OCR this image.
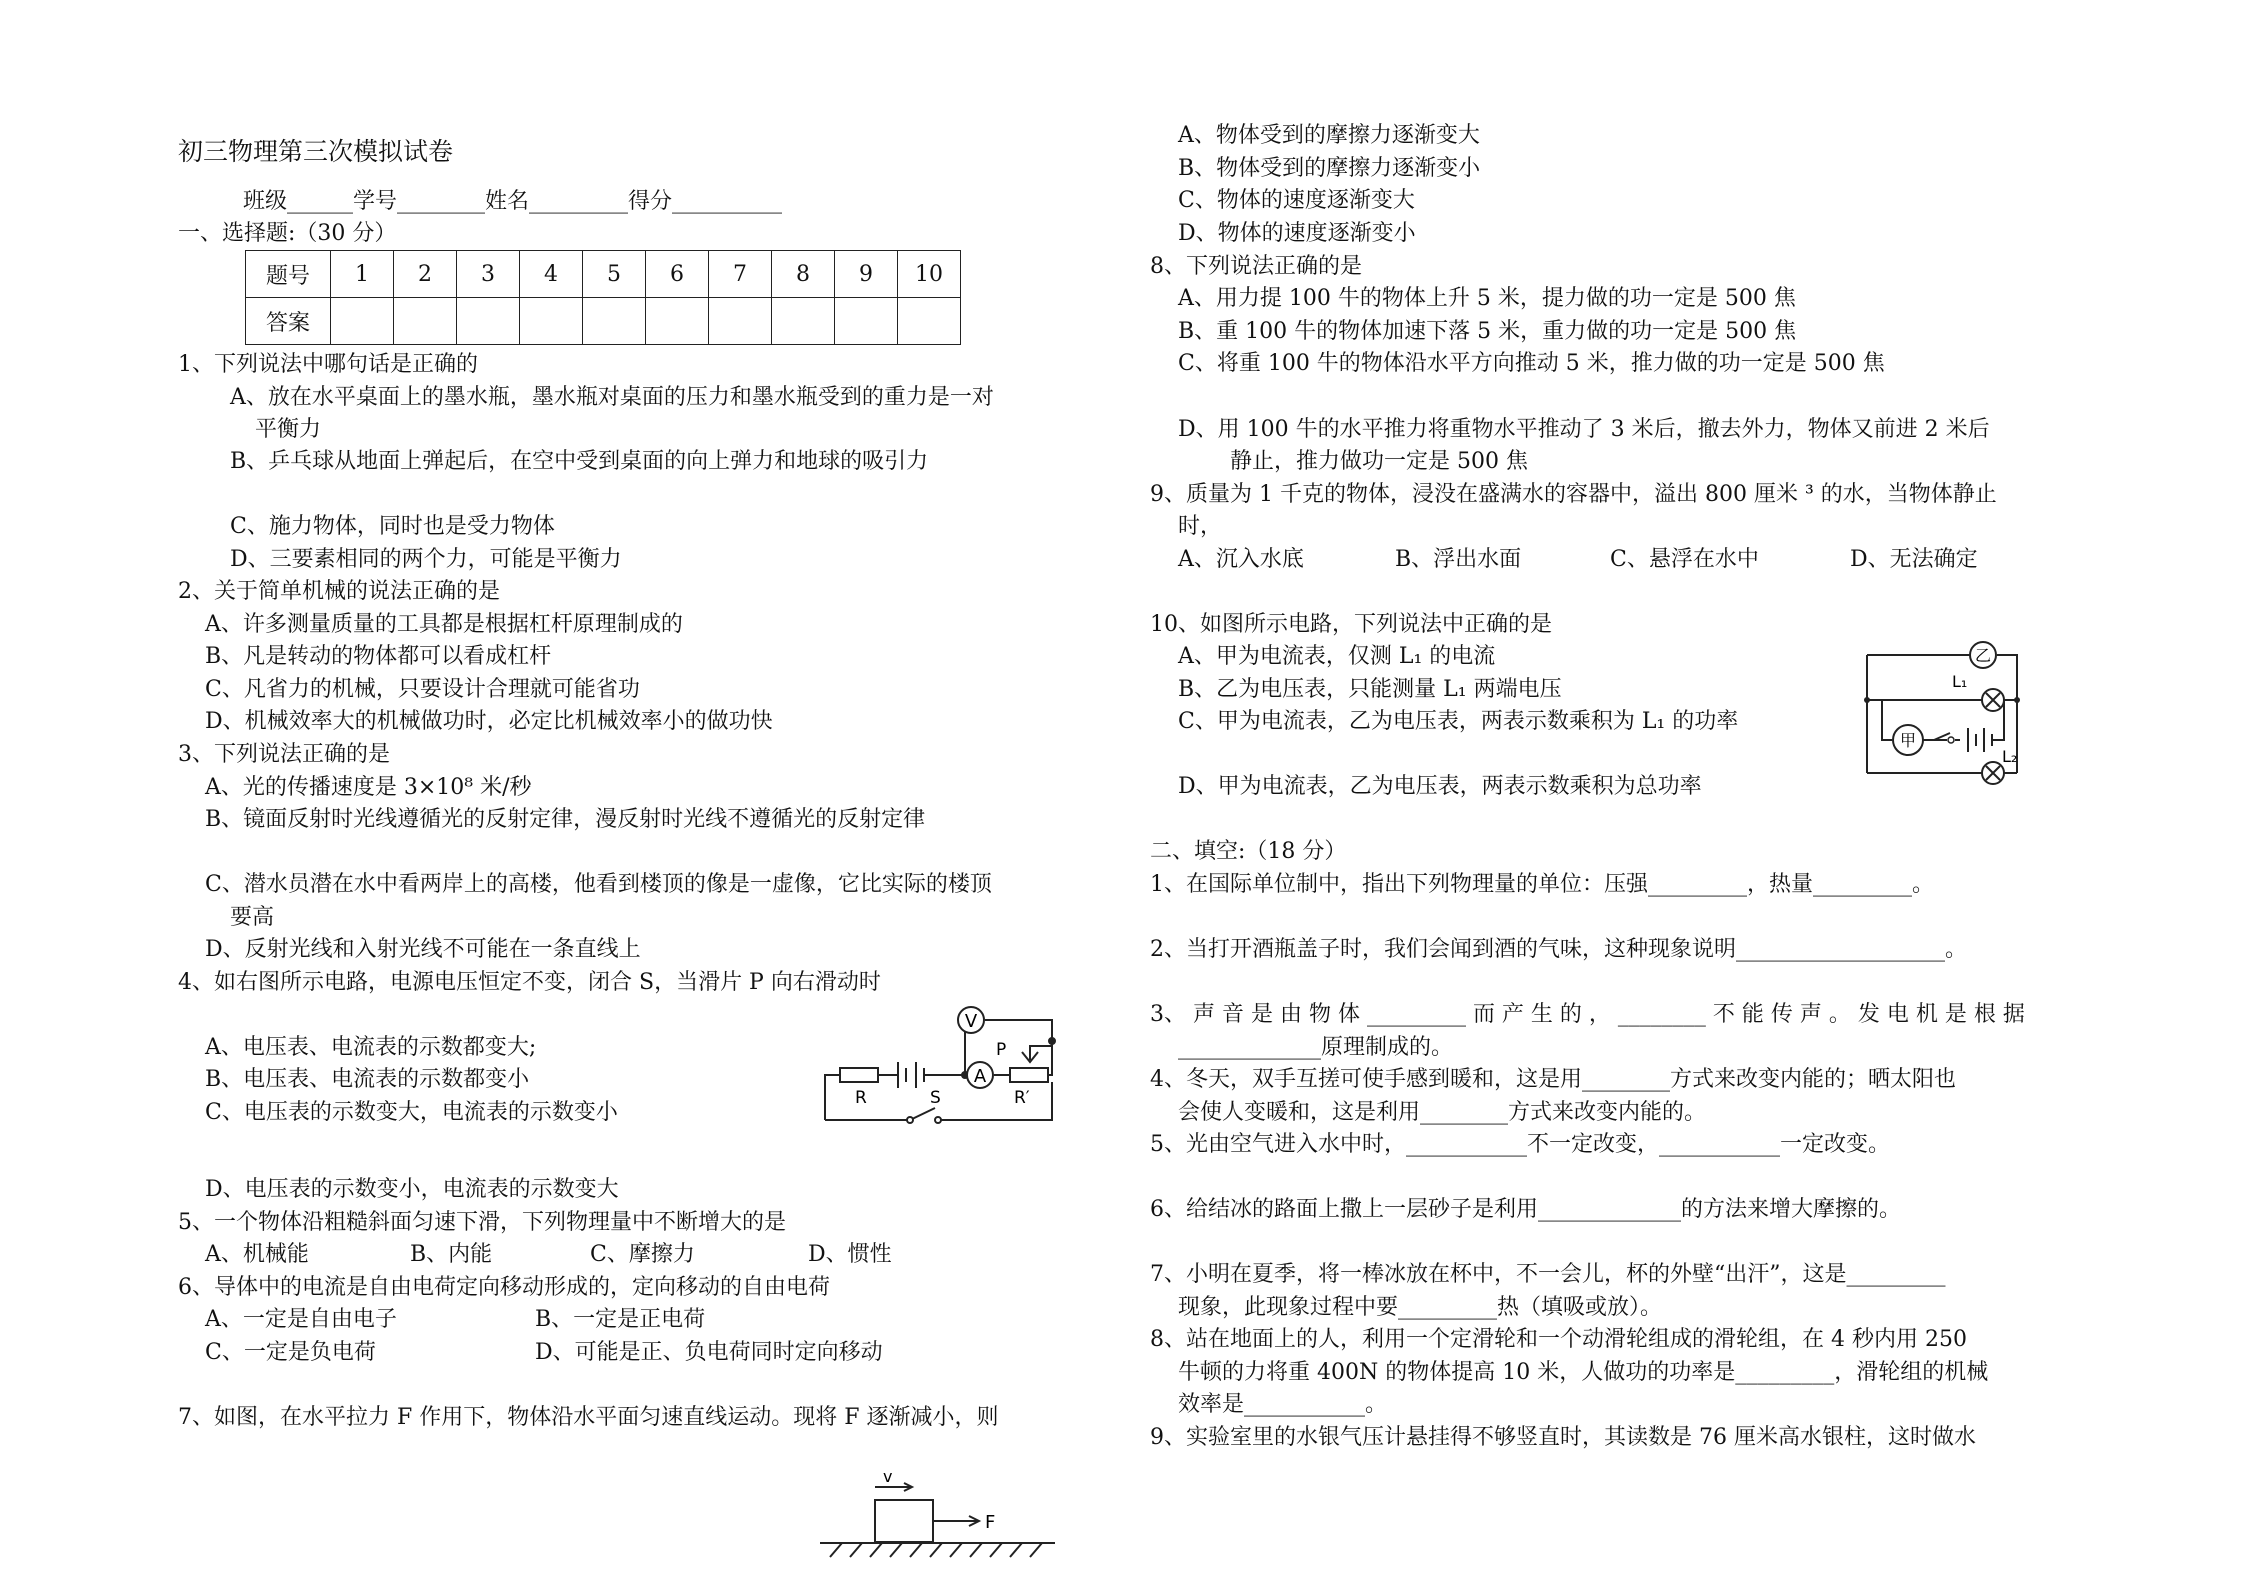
初三物理第三次模拟试卷
班级______学号________姓名_________得分__________
一、选择题:（30 分）
题号	1	2	3	4	5	6	7	8	9	10
答案										
1、下列说法中哪句话是正确的
A、放在水平桌面上的墨水瓶，墨水瓶对桌面的压力和墨水瓶受到的重力是一对
平衡力
B、乒乓球从地面上弹起后，在空中受到桌面的向上弹力和地球的吸引力
C、施力物体，同时也是受力物体
D、三要素相同的两个力，可能是平衡力
2、关于简单机械的说法正确的是
A、许多测量质量的工具都是根据杠杆原理制成的
B、凡是转动的物体都可以看成杠杆
C、凡省力的机械，只要设计合理就可能省功
D、机械效率大的机械做功时，必定比机械效率小的做功快
3、下列说法正确的是
A、光的传播速度是 3×10⁸ 米/秒
B、镜面反射时光线遵循光的反射定律，漫反射时光线不遵循光的反射定律
C、潜水员潜在水中看两岸上的高楼，他看到楼顶的像是一虚像，它比实际的楼顶
要高
D、反射光线和入射光线不可能在一条直线上
4、如右图所示电路，电源电压恒定不变，闭合 S，当滑片 P 向右滑动时
A、电压表、电流表的示数都变大;
B、电压表、电流表的示数都变小
C、电压表的示数变大，电流表的示数变小
D、电压表的示数变小，电流表的示数变大
5、一个物体沿粗糙斜面匀速下滑，下列物理量中不断增大的是
A、机械能	B、内能	C、摩擦力	D、惯性
6、导体中的电流是自由电荷定向移动形成的，定向移动的自由电荷
A、一定是自由电子	B、一定是正电荷
C、一定是负电荷	D、可能是正、负电荷同时定向移动
7、如图，在水平拉力 F 作用下，物体沿水平面匀速直线运动。现将 F 逐渐减小，则
A、物体受到的摩擦力逐渐变大
B、物体受到的摩擦力逐渐变小
C、物体的速度逐渐变大
D、物体的速度逐渐变小
8、下列说法正确的是
A、用力提 100 牛的物体上升 5 米，提力做的功一定是 500 焦
B、重 100 牛的物体加速下落 5 米，重力做的功一定是 500 焦
C、将重 100 牛的物体沿水平方向推动 5 米，推力做的功一定是 500 焦
D、用 100 牛的水平推力将重物水平推动了 3 米后，撤去外力，物体又前进 2 米后
静止，推力做功一定是 500 焦
9、质量为 1 千克的物体，浸没在盛满水的容器中，溢出 800 厘米 ³ 的水，当物体静止
时，
A、沉入水底	B、浮出水面	C、悬浮在水中	D、无法确定
10、如图所示电路，下列说法中正确的是
A、甲为电流表，仅测 L₁ 的电流
B、乙为电压表，只能测量 L₁ 两端电压
C、甲为电流表，乙为电压表，两表示数乘积为 L₁ 的功率
D、甲为电流表，乙为电压表，两表示数乘积为总功率
二、填空:（18 分）
1、在国际单位制中，指出下列物理量的单位：压强_________，热量_________。
2、当打开酒瓶盖子时，我们会闻到酒的气味，这种现象说明___________________。
3、 声 音 是 由 物 体 _________ 而 产 生 的 ， ________ 不 能 传 声 。 发 电 机 是 根 据
_____________原理制成的。
4、冬天，双手互搓可使手感到暖和，这是用________方式来改变内能的；晒太阳也
会使人变暖和，这是利用________方式来改变内能的。
5、光由空气进入水中时，___________不一定改变，___________一定改变。
6、给结冰的路面上撒上一层砂子是利用_____________的方法来增大摩擦的。
7、小明在夏季，将一棒冰放在杯中，不一会儿，杯的外壁“出汗”，这是_________
现象，此现象过程中要_________热（填吸或放）。
8、站在地面上的人，利用一个定滑轮和一个动滑轮组成的滑轮组，在 4 秒内用 250
牛顿的力将重 400N 的物体提高 10 米，人做功的功率是_________，滑轮组的机械
效率是___________。
9、实验室里的水银气压计悬挂得不够竖直时，其读数是 76 厘米高水银柱，这时做水
V
A
P
R	R′
S
F
v
乙
甲
L₁
L₂
